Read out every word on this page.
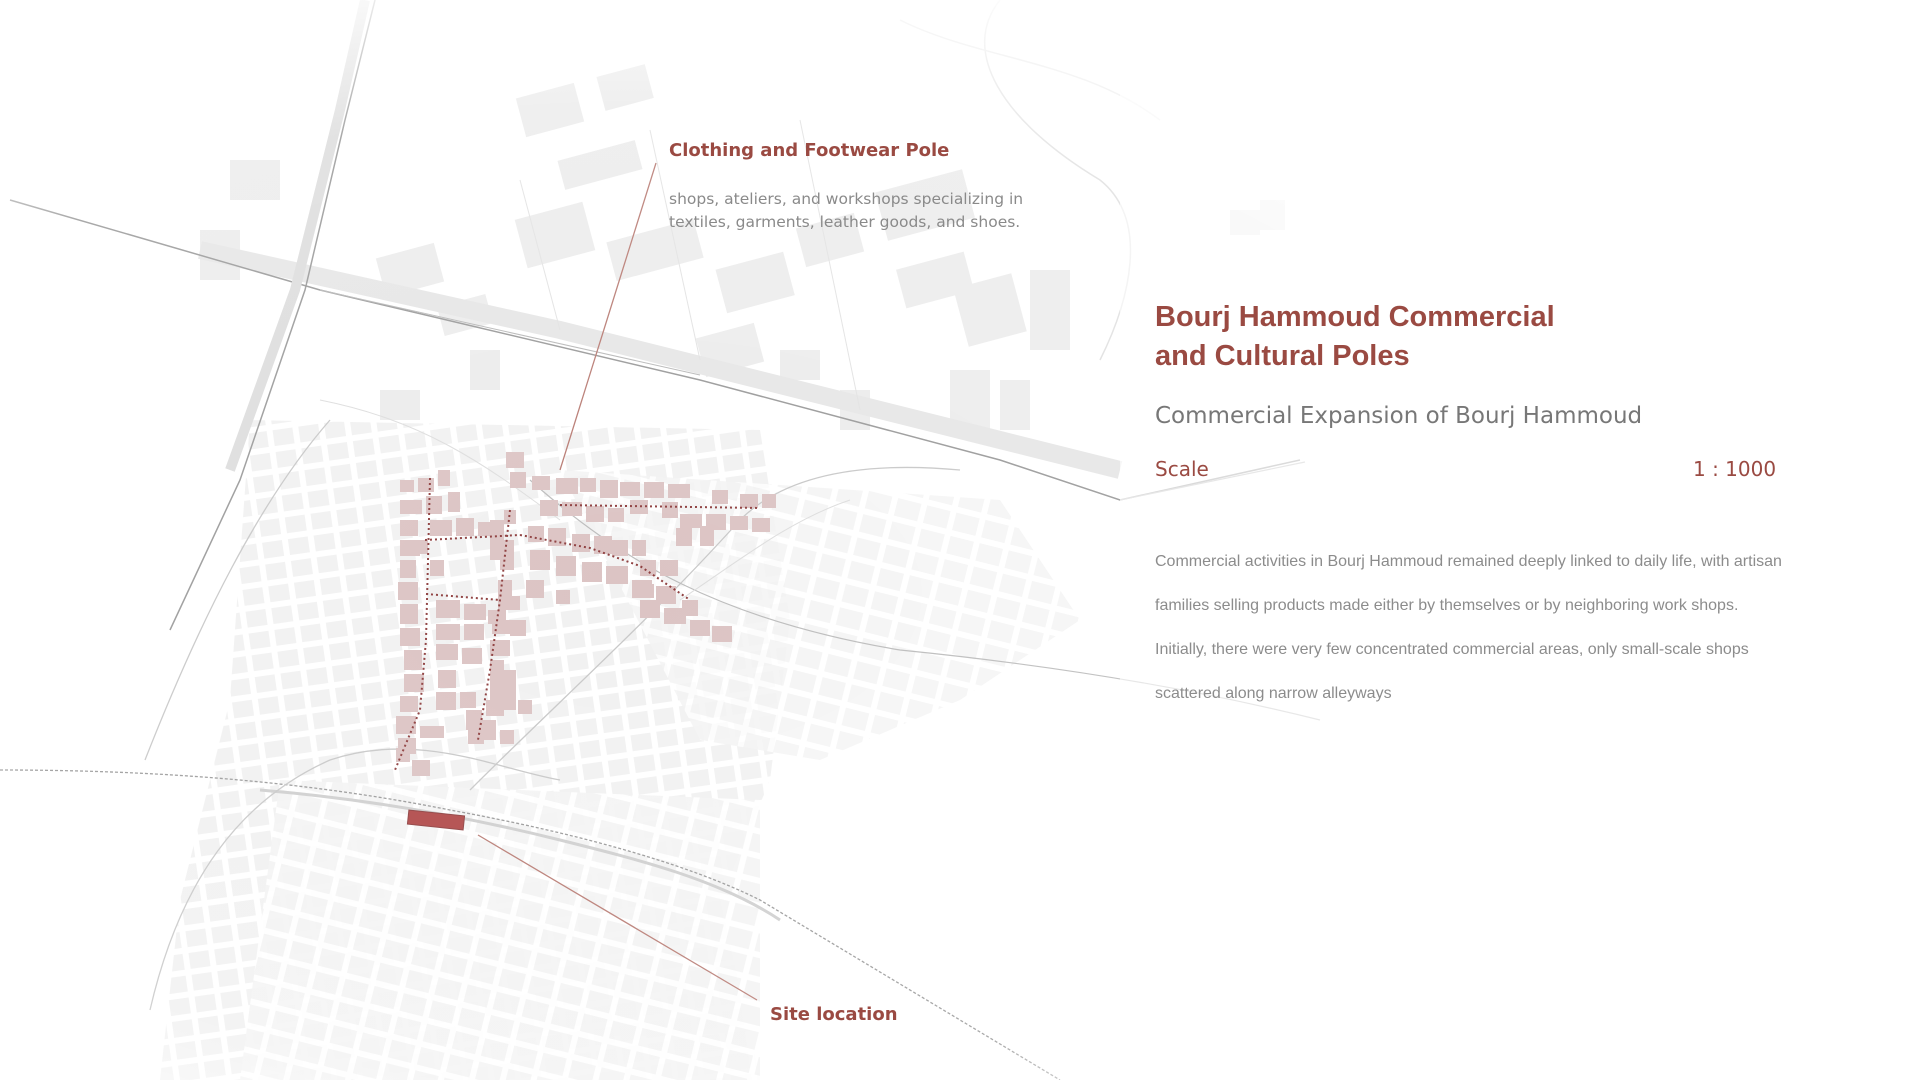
Clothing and Footwear Pole
shops, ateliers, and workshops specializing in textiles, garments, leather goods, and shoes.
Site location
Bourj Hammoud Commercial
and Cultural Poles
Commercial Expansion of Bourj Hammoud
Scale	1 : 1000

Commercial activities in Bourj Hammoud remained deeply linked to daily life, with artisan families selling products made either by themselves or by neighboring work shops.

Initially, there were very few concentrated commercial areas, only small-scale shops scattered along narrow alleyways
